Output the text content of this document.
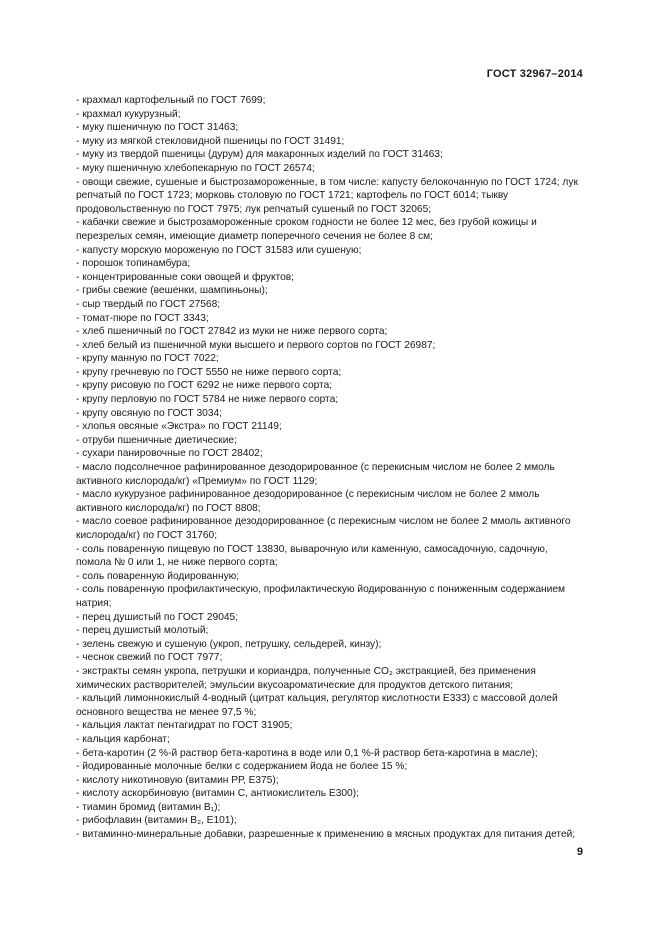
ГОСТ 32967–2014
- крахмал картофельный по ГОСТ 7699;
- крахмал кукурузный;
- муку пшеничную по ГОСТ 31463;
- муку из мягкой стекловидной пшеницы по ГОСТ 31491;
- муку из твердой пшеницы (дурум) для макаронных изделий по ГОСТ 31463;
- муку пшеничную хлебопекарную по ГОСТ 26574;
- овощи свежие, сушеные и быстрозамороженные, в том числе: капусту белокочанную по ГОСТ 1724; лук репчатый по ГОСТ 1723; морковь столовую по ГОСТ 1721; картофель по ГОСТ 6014; тыкву продовольственную по ГОСТ 7975; лук репчатый сушеный по ГОСТ 32065;
- кабачки свежие и быстрозамороженные сроком годности не более 12 мес, без грубой кожицы и перезрелых семян, имеющие диаметр поперечного сечения не более 8 см;
- капусту морскую мороженую по ГОСТ 31583 или сушеную;
- порошок топинамбура;
- концентрированные соки овощей и фруктов;
- грибы свежие (вешенки, шампиньоны);
- сыр твердый по ГОСТ 27568;
- томат-пюре по ГОСТ 3343;
- хлеб пшеничный по ГОСТ 27842 из муки не ниже первого сорта;
- хлеб белый из пшеничной муки высшего и первого сортов по ГОСТ 26987;
- крупу манную по ГОСТ 7022;
- крупу гречневую по ГОСТ 5550 не ниже первого сорта;
- крупу рисовую по ГОСТ 6292 не ниже первого сорта;
- крупу перловую по ГОСТ 5784 не ниже первого сорта;
- крупу овсяную по ГОСТ 3034;
- хлопья овсяные «Экстра» по ГОСТ 21149;
- отруби пшеничные диетические;
- сухари панировочные по ГОСТ 28402;
- масло подсолнечное рафинированное дезодорированное (с перекисным числом не более 2 ммоль активного кислорода/кг) «Премиум» по ГОСТ 1129;
- масло кукурузное рафинированное дезодорированное (с перекисным числом не более 2 ммоль активного кислорода/кг) по ГОСТ 8808;
- масло соевое рафинированное дезодорированное (с перекисным числом не более 2 ммоль активного кислорода/кг) по ГОСТ 31760;
- соль поваренную пищевую по ГОСТ 13830, выварочную или каменную, самосадочную, садочную, помола № 0 или 1, не ниже первого сорта;
- соль поваренную йодированную;
- соль поваренную профилактическую, профилактическую йодированную с пониженным содержанием натрия;
- перец душистый по ГОСТ 29045;
- перец душистый молотый;
- зелень свежую и сушеную (укроп, петрушку, сельдерей, кинзу);
- чеснок свежий по ГОСТ 7977;
- экстракты семян укропа, петрушки и кориандра, полученные CO₂ экстракцией, без применения химических растворителей; эмульсии вкусоароматические для продуктов детского питания;
- кальций лимоннокислый 4-водный (цитрат кальция, регулятор кислотности Е333) с массовой долей основного вещества не менее 97,5 %;
- кальция лактат пентагидрат по ГОСТ 31905;
- кальция карбонат;
- бета-каротин (2 %-й раствор бета-каротина в воде или 0,1 %-й раствор бета-каротина в масле);
- йодированные молочные белки с содержанием йода не более 15 %;
- кислоту никотиновую (витамин РР, Е375);
- кислоту аскорбиновую (витамин С, антиокислитель Е300);
- тиамин бромид (витамин В₁);
- рибофлавин (витамин В₂, Е101);
- витаминно-минеральные добавки, разрешенные к применению в мясных продуктах для питания детей;
9
